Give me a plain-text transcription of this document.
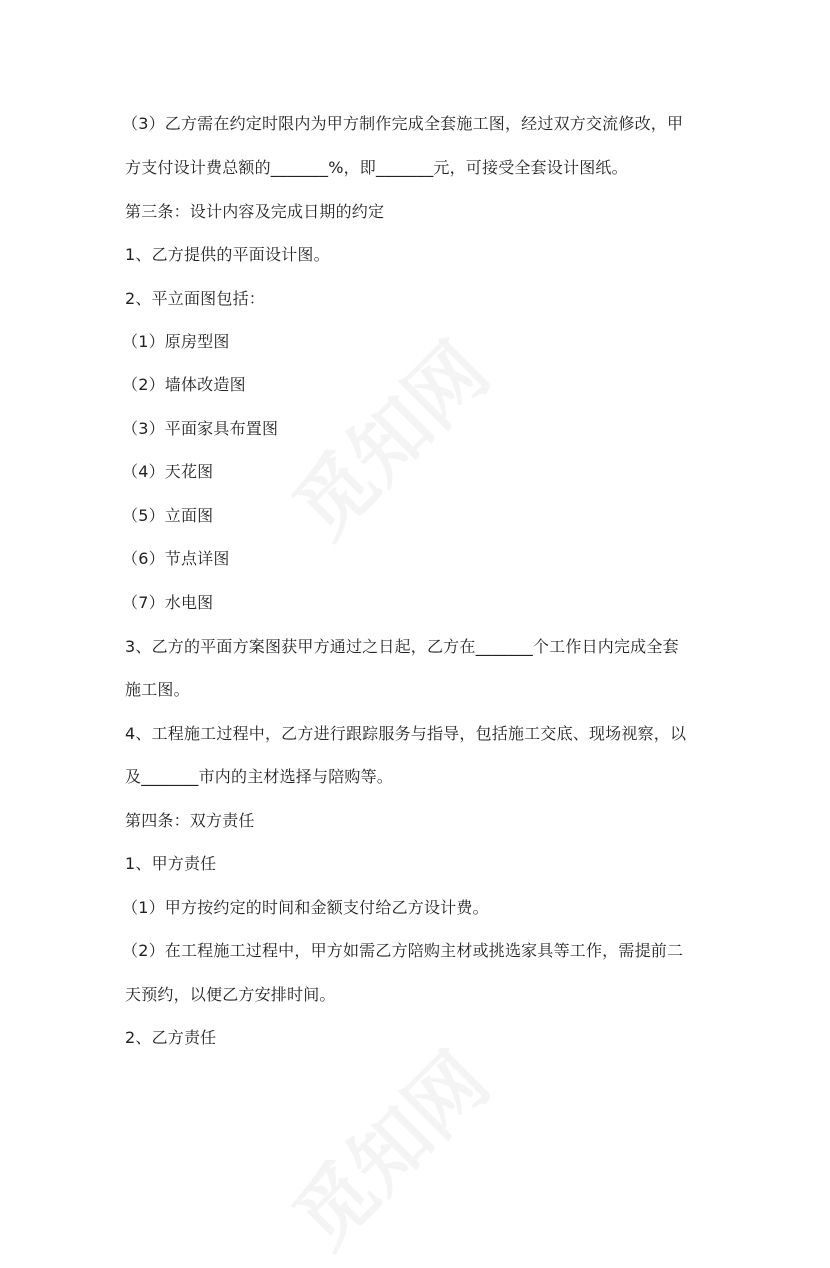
（3）乙方需在约定时限内为甲方制作完成全套施工图，经过双方交流修改，甲
方支付设计费总额的_______%，即_______元，可接受全套设计图纸。
第三条：设计内容及完成日期的约定
1、乙方提供的平面设计图。
2、平立面图包括：
（1）原房型图
（2）墙体改造图
（3）平面家具布置图
（4）天花图
（5）立面图
（6）节点详图
（7）水电图
3、乙方的平面方案图获甲方通过之日起，乙方在_______个工作日内完成全套
施工图。
4、工程施工过程中，乙方进行跟踪服务与指导，包括施工交底、现场视察，以
及_______市内的主材选择与陪购等。
第四条：双方责任
1、甲方责任
（1）甲方按约定的时间和金额支付给乙方设计费。
（2）在工程施工过程中，甲方如需乙方陪购主材或挑选家具等工作，需提前二
天预约，以便乙方安排时间。
2、乙方责任
